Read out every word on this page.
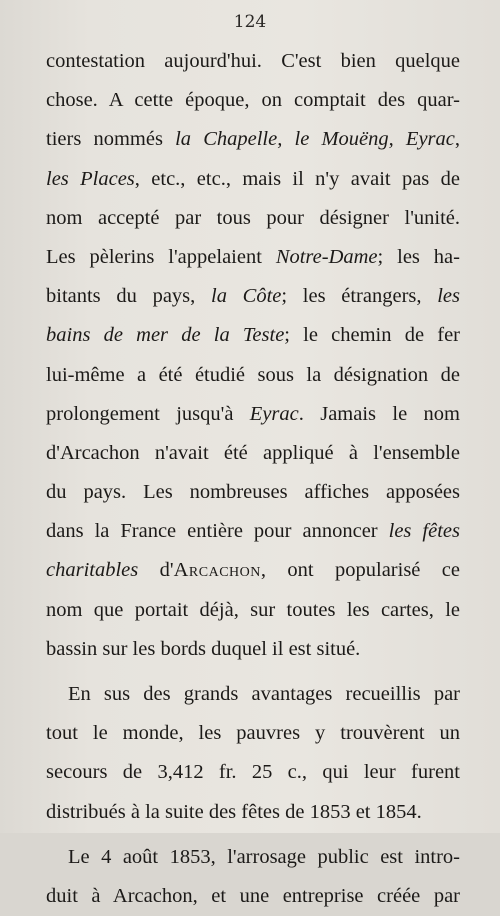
124
contestation aujourd'hui. C'est bien quelque
chose. A cette époque, on comptait des quar-
tiers nommés la Chapelle, le Mouëng, Eyrac,
les Places, etc., etc., mais il n'y avait pas de
nom accepté par tous pour désigner l'unité.
Les pèlerins l'appelaient Notre-Dame; les ha-
bitants du pays, la Côte; les étrangers, les
bains de mer de la Teste; le chemin de fer
lui-même a été étudié sous la désignation de
prolongement jusqu'à Eyrac. Jamais le nom
d'Arcachon n'avait été appliqué à l'ensemble
du pays. Les nombreuses affiches apposées
dans la France entière pour annoncer les fêtes
charitables d'Arcachon, ont popularisé ce
nom que portait déjà, sur toutes les cartes, le
bassin sur les bords duquel il est situé.
En sus des grands avantages recueillis par
tout le monde, les pauvres y trouvèrent un
secours de 3,412 fr. 25 c., qui leur furent
distribués à la suite des fêtes de 1853 et 1854.
Le 4 août 1853, l'arrosage public est intro-
duit à Arcachon, et une entreprise créée par
